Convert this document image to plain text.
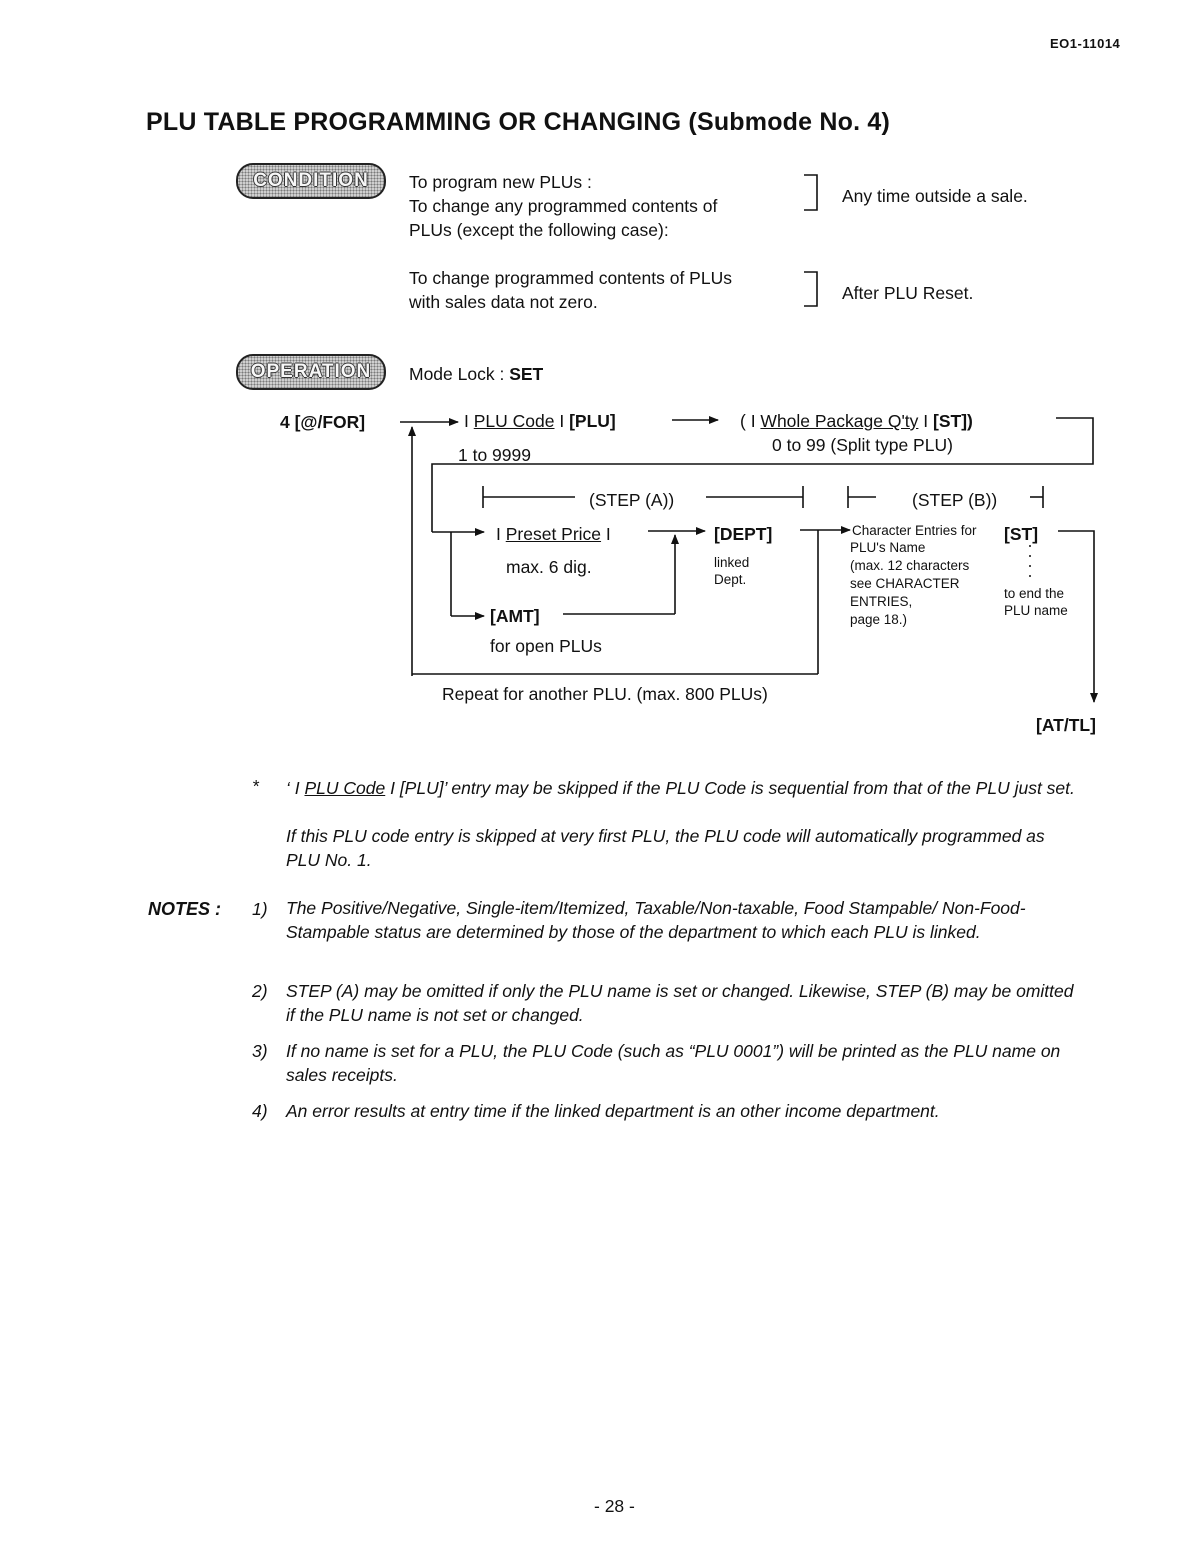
EO1-11014
PLU TABLE PROGRAMMING OR CHANGING (Submode No. 4)
CONDITION	To program new PLUs :
To change any programmed contents of
PLUs (except the following case):
Any time outside a sale.
To change programmed contents of PLUs
with sales data not zero.	After PLU Reset.
OPERATION	Mode Lock : SET
4 [@/FOR]	I PLU Code I [PLU]
1 to 9999
( I Whole Package Q'ty I [ST])
0 to 99 (Split type PLU)
(STEP (A))	(STEP (B))
I Preset Price I
max. 6 dig.
[DEPT]
linked
Dept.
[AMT]
for open PLUs
Character Entries for
PLU's Name
(max. 12 characters
see CHARACTER
ENTRIES,
page 18.)
[ST]
to end the
PLU name
Repeat for another PLU. (max. 800 PLUs)
[AT/TL]
* ‘ I PLU Code I [PLU]’ entry may be skipped if the PLU Code is sequential from that of the PLU just set.
If this PLU code entry is skipped at very first PLU, the PLU code will automatically programmed as PLU No. 1.
NOTES : 1) The Positive/Negative, Single-item/Itemized, Taxable/Non-taxable, Food Stampable/ Non-Food-Stampable status are determined by those of the department to which each PLU is linked.
2) STEP (A) may be omitted if only the PLU name is set or changed. Likewise, STEP (B) may be omitted if the PLU name is not set or changed.
3) If no name is set for a PLU, the PLU Code (such as “PLU 0001”) will be printed as the PLU name on sales receipts.
4) An error results at entry time if the linked department is an other income department.
- 28 -
